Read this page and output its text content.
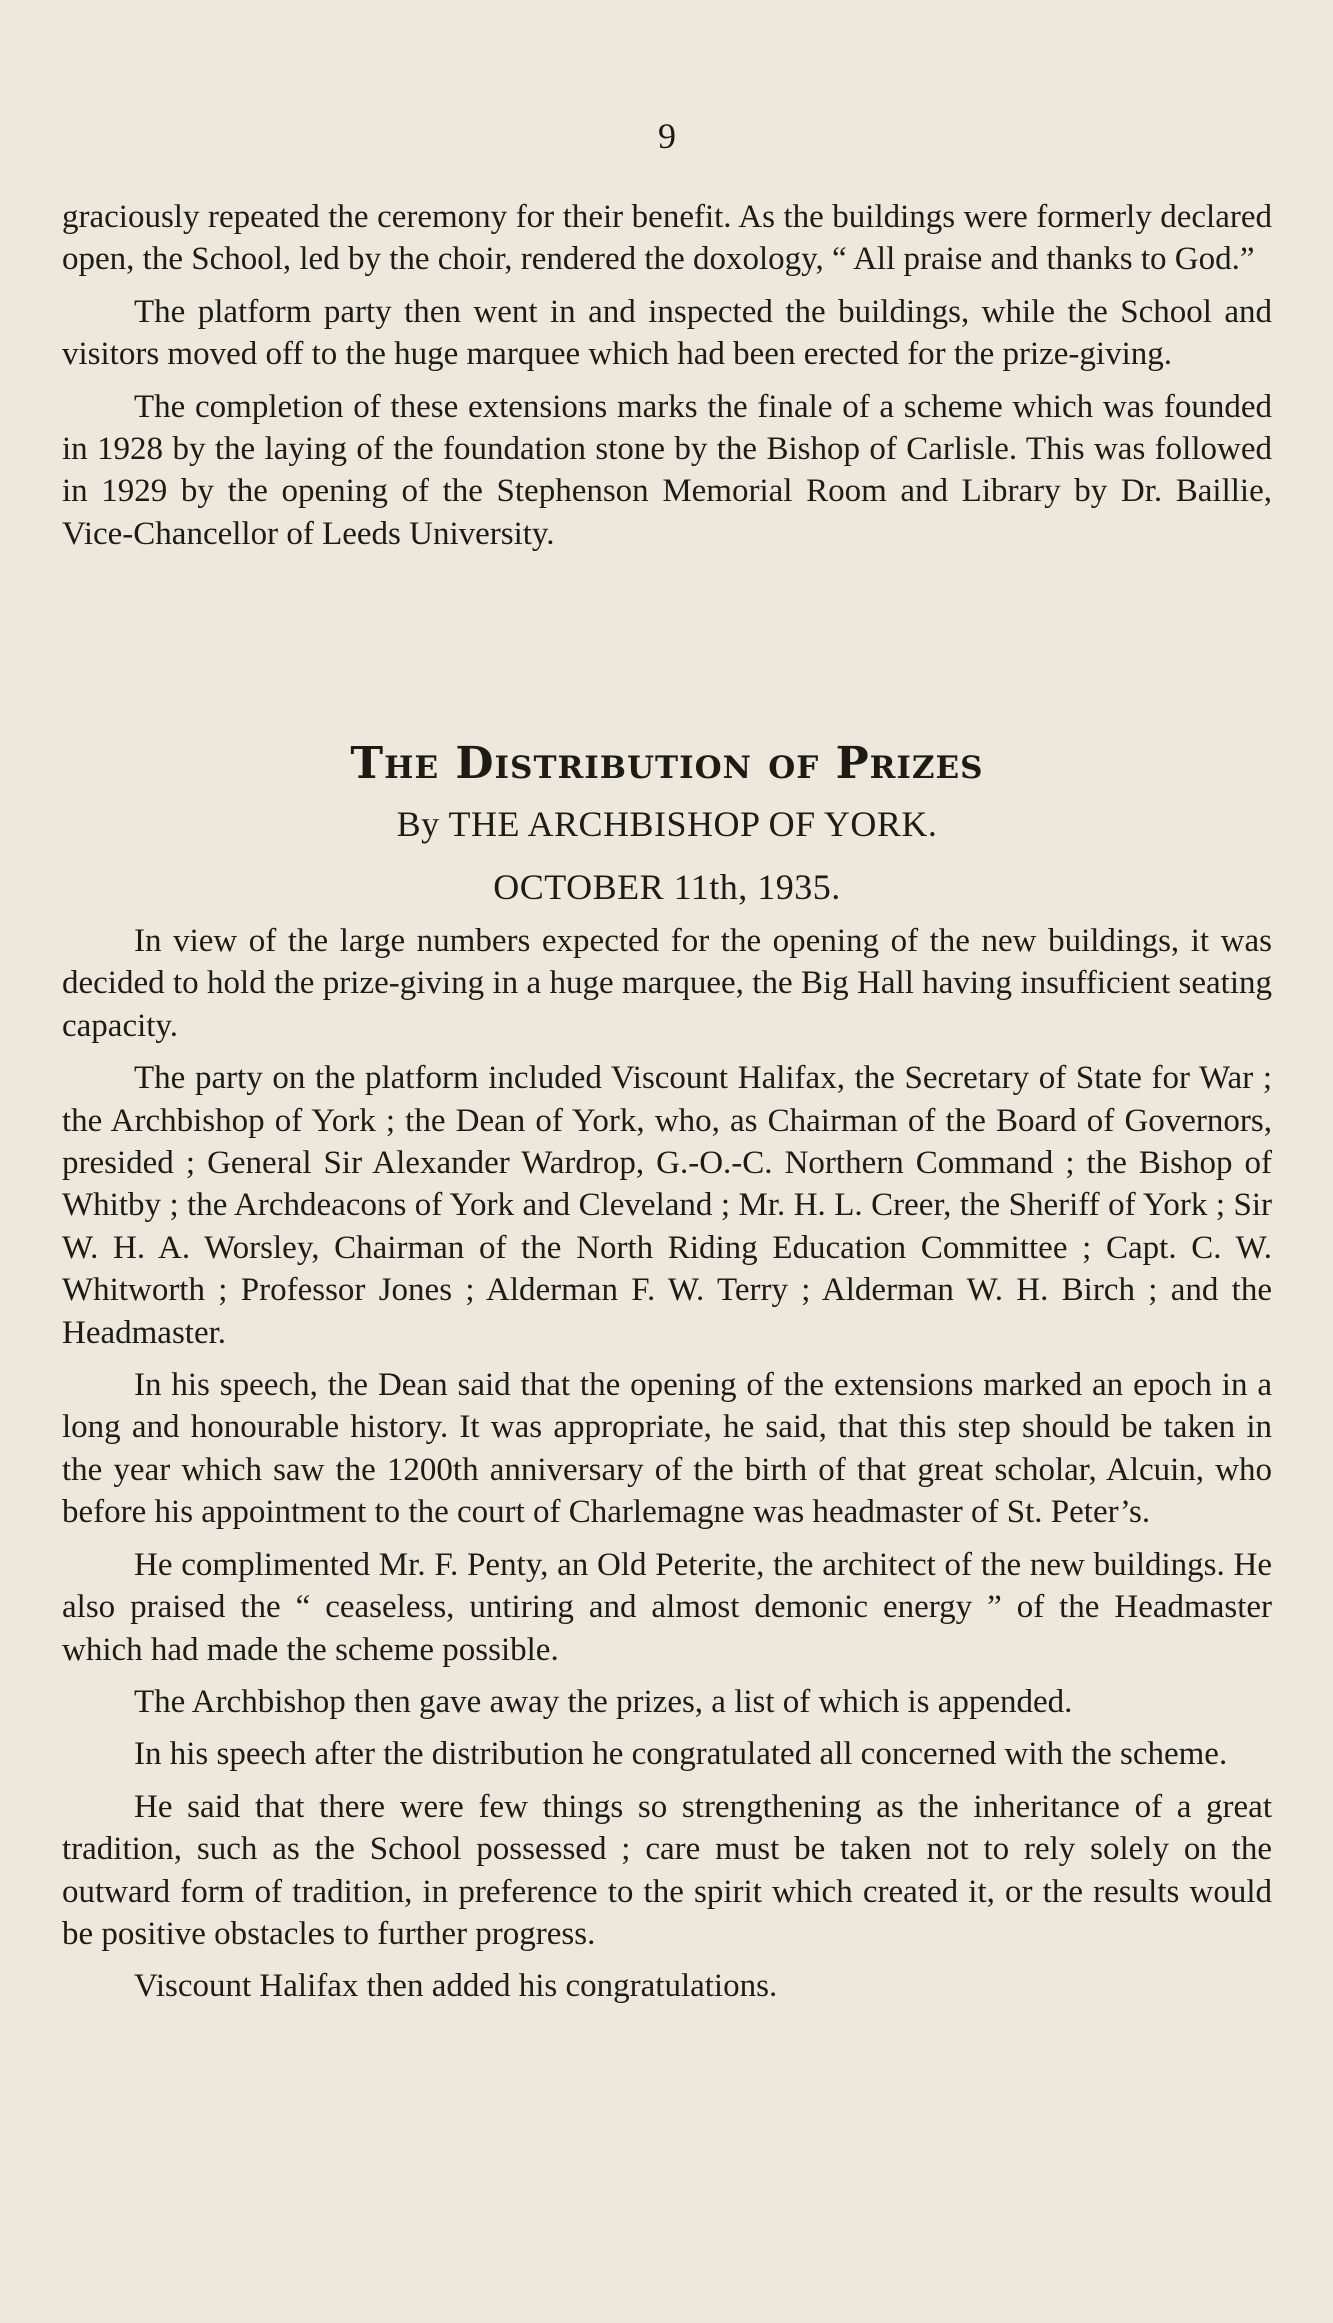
9

graciously repeated the ceremony for their benefit. As the buildings were formerly declared open, the School, led by the choir, rendered the doxology, “ All praise and thanks to God.”

The platform party then went in and inspected the buildings, while the School and visitors moved off to the huge marquee which had been erected for the prize-giving.

The completion of these extensions marks the finale of a scheme which was founded in 1928 by the laying of the foundation stone by the Bishop of Carlisle. This was followed in 1929 by the opening of the Stephenson Memorial Room and Library by Dr. Baillie, Vice-Chancellor of Leeds University.

The Distribution of Prizes
By THE ARCHBISHOP OF YORK.
OCTOBER 11th, 1935.

In view of the large numbers expected for the opening of the new buildings, it was decided to hold the prize-giving in a huge marquee, the Big Hall having insufficient seating capacity.

The party on the platform included Viscount Halifax, the Secretary of State for War ; the Archbishop of York ; the Dean of York, who, as Chairman of the Board of Governors, presided ; General Sir Alexander Wardrop, G.-O.-C. Northern Command ; the Bishop of Whitby ; the Archdeacons of York and Cleveland ; Mr. H. L. Creer, the Sheriff of York ; Sir W. H. A. Worsley, Chairman of the North Riding Education Committee ; Capt. C. W. Whitworth ; Professor Jones ; Alderman F. W. Terry ; Alderman W. H. Birch ; and the Headmaster.

In his speech, the Dean said that the opening of the extensions marked an epoch in a long and honourable history. It was appropriate, he said, that this step should be taken in the year which saw the 1200th anniversary of the birth of that great scholar, Alcuin, who before his appointment to the court of Charlemagne was headmaster of St. Peter’s.

He complimented Mr. F. Penty, an Old Peterite, the architect of the new buildings. He also praised the “ ceaseless, untiring and almost demonic energy ” of the Headmaster which had made the scheme possible.

The Archbishop then gave away the prizes, a list of which is appended.

In his speech after the distribution he congratulated all concerned with the scheme.

He said that there were few things so strengthening as the inheritance of a great tradition, such as the School possessed ; care must be taken not to rely solely on the outward form of tradition, in preference to the spirit which created it, or the results would be positive obstacles to further progress.

Viscount Halifax then added his congratulations.
